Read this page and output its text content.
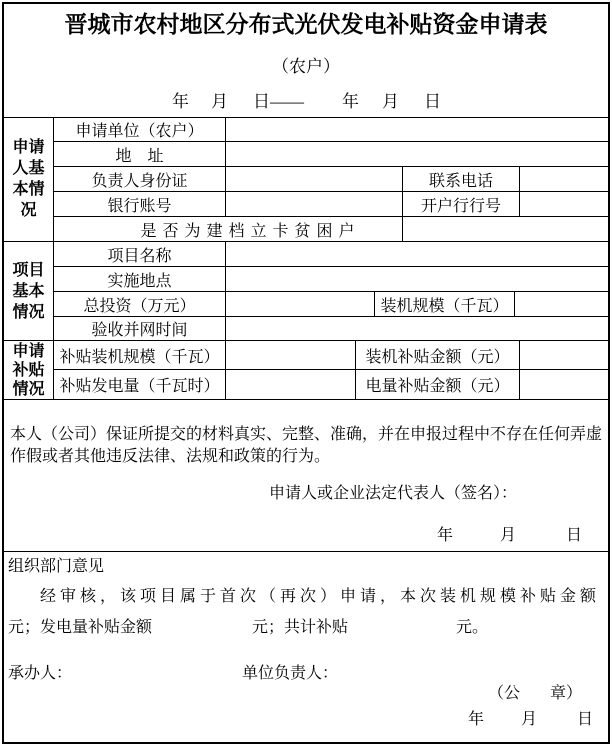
晋城市农村地区分布式光伏发电补贴资金申请表
（农户）
年 月 日—— 年 月 日
申请
人基
本情
况
项目
基本
情况
申请
补贴
情况
申请单位（农户）
地　址
负责人身份证	联系电话
银行账号	开户行行号
是否为建档立卡贫困户
项目名称
实施地点
总投资（万元）	装机规模（千瓦）
验收并网时间
补贴装机规模（千瓦）	装机补贴金额（元）
补贴发电量（千瓦时）	电量补贴金额（元）
本人（公司）保证所提交的材料真实、完整、准确，并在申报过程中不存在任何弄虚作假或者其他违反法律、法规和政策的行为。
申请人或企业法定代表人（签名）：
年	月	日
组织部门意见
经审核，该项目属于首次（再次）申请，本次装机规模补贴金额
元；发电量补贴金额	元；共计补贴	元。
承办人：	单位负责人：
（公 章）
年 月	日
